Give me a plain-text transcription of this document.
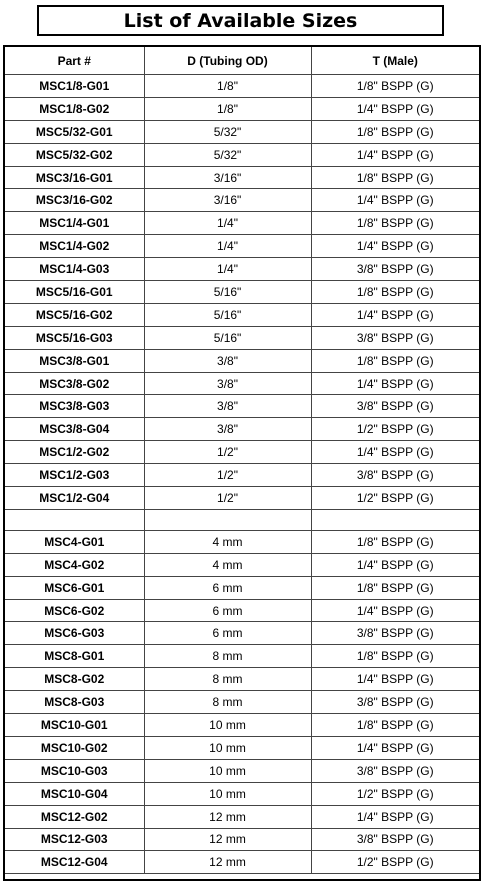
List of Available Sizes
Part #	D (Tubing OD)	T (Male)
MSC1/8-G01	1/8"	1/8" BSPP (G)
MSC1/8-G02	1/8"	1/4" BSPP (G)
MSC5/32-G01	5/32"	1/8" BSPP (G)
MSC5/32-G02	5/32"	1/4" BSPP (G)
MSC3/16-G01	3/16"	1/8" BSPP (G)
MSC3/16-G02	3/16"	1/4" BSPP (G)
MSC1/4-G01	1/4"	1/8" BSPP (G)
MSC1/4-G02	1/4"	1/4" BSPP (G)
MSC1/4-G03	1/4"	3/8" BSPP (G)
MSC5/16-G01	5/16"	1/8" BSPP (G)
MSC5/16-G02	5/16"	1/4" BSPP (G)
MSC5/16-G03	5/16"	3/8" BSPP (G)
MSC3/8-G01	3/8"	1/8" BSPP (G)
MSC3/8-G02	3/8"	1/4" BSPP (G)
MSC3/8-G03	3/8"	3/8" BSPP (G)
MSC3/8-G04	3/8"	1/2" BSPP (G)
MSC1/2-G02	1/2"	1/4" BSPP (G)
MSC1/2-G03	1/2"	3/8" BSPP (G)
MSC1/2-G04	1/2"	1/2" BSPP (G)

MSC4-G01	4 mm	1/8" BSPP (G)
MSC4-G02	4 mm	1/4" BSPP (G)
MSC6-G01	6 mm	1/8" BSPP (G)
MSC6-G02	6 mm	1/4" BSPP (G)
MSC6-G03	6 mm	3/8" BSPP (G)
MSC8-G01	8 mm	1/8" BSPP (G)
MSC8-G02	8 mm	1/4" BSPP (G)
MSC8-G03	8 mm	3/8" BSPP (G)
MSC10-G01	10 mm	1/8" BSPP (G)
MSC10-G02	10 mm	1/4" BSPP (G)
MSC10-G03	10 mm	3/8" BSPP (G)
MSC10-G04	10 mm	1/2" BSPP (G)
MSC12-G02	12 mm	1/4" BSPP (G)
MSC12-G03	12 mm	3/8" BSPP (G)
MSC12-G04	12 mm	1/2" BSPP (G)
